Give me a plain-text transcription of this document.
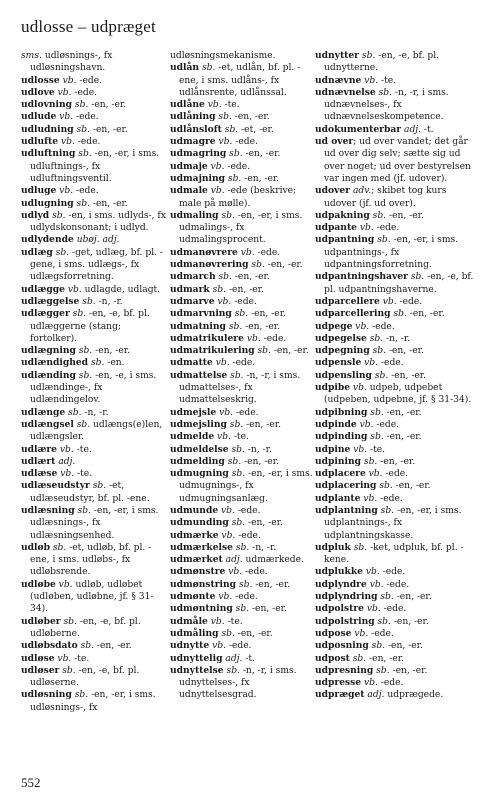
udlosse – udpræget

sms. udløsnings-, fx udløsningshavn.

udlosse vb. -ede.

udlove vb. -ede.

udlovning sb. -en, -er.

udlude vb. -ede.

udludning sb. -en, -er.

udlufte vb. -ede.

udluftning sb. -en, -er, i sms. udluftnings-, fx udluftningsventil.

udluge vb. -ede.

udlugning sb. -en, -er.

udlyd sb. -en, i sms. udlyds-, fx udlydskonsonant; i udlyd.

udlydende ubøj. adj.

udlæg sb. -get, udlæg, bf. pl. -gene, i sms. udlægs-, fx udlægsforretning.

udlægge vb. udlagde, udlagt.

udlæggelse sb. -n, -r.

udlægger sb. -en, -e, bf. pl. udlæggerne (stang; fortolker).

udlægning sb. -en, -er.

udlændighed sb. -en.

udlænding sb. -en, -e, i sms. udlændinge-, fx udlændingelov.

udlænge sb. -n, -r.

udlængsel sb. udlængs(e)len, udlængsler.

udlære vb. -te.

udlært adj.

udlæse vb. -te.

udlæseudstyr sb. -et, udlæseudstyr, bf. pl. -ene.

udlæsning sb. -en, -er, i sms. udlæsnings-, fx udlæsningsenhed.

udløb sb. -et, udløb, bf. pl. -ene, i sms. udløbs-, fx udløbsrende.

udløbe vb. udløb, udløbet (udløben, udløbne, jf. § 31-34).

udløber sb. -en, -e, bf. pl. udløberne.

udløbsdato sb. -en, -er.

udløse vb. -te.

udløser sb. -en, -e, bf. pl. udløserne.

udløsning sb. -en, -er, i sms. udløsnings-, fx

udløsningsmekanisme.

udlån sb. -et, udlån, bf. pl. -ene, i sms. udlåns-, fx udlånsrente, udlånssal.

udlåne vb. -te.

udlåning sb. -en, -er.

udlånsloft sb. -et, -er.

udmagre vb. -ede.

udmagring sb. -en, -er.

udmaje vb. -ede.

udmajning sb. -en, -er.

udmale vb. -ede (beskrive; male på mølle).

udmaling sb. -en, -er, i sms. udmalings-, fx udmalingsprocent.

udmanøvrere vb. -ede.

udmanøvrering sb. -en, -er.

udmarch sb. -en, -er.

udmark sb. -en, -er.

udmarve vb. -ede.

udmarvning sb. -en, -er.

udmatning sb. -en, -er.

udmatrikulere vb. -ede.

udmatrikulering sb. -en, -er.

udmatte vb. -ede.

udmattelse sb. -n, -r, i sms. udmattelses-, fx udmattelseskrig.

udmejsle vb. -ede.

udmejsling sb. -en, -er.

udmelde vb. -te.

udmeldelse sb. -n, -r.

udmelding sb. -en, -er.

udmugning sb. -en, -er, i sms. udmugnings-, fx udmugningsanlæg.

udmunde vb. -ede.

udmunding sb. -en, -er.

udmærke vb. -ede.

udmærkelse sb. -n, -r.

udmærket adj. udmærkede.

udmønstre vb. -ede.

udmønstring sb. -en, -er.

udmønte vb. -ede.

udmøntning sb. -en, -er.

udmåle vb. -te.

udmåling sb. -en, -er.

udnytte vb. -ede.

udnyttelig adj. -t.

udnyttelse sb. -n, -r, i sms. udnyttelses-, fx udnyttelsesgrad.

udnytter sb. -en, -e, bf. pl. udnytterne.

udnævne vb. -te.

udnævnelse sb. -n, -r, i sms. udnævnelses-, fx udnævnelseskompetence.

udokumenterbar adj. -t.

ud over; ud over vandet; det går ud over dig selv; sætte sig ud over noget; ud over bestyrelsen var ingen med (jf. udover).

udover adv.; skibet tog kurs udover (jf. ud over).

udpakning sb. -en, -er.

udpante vb. -ede.

udpantning sb. -en, -er, i sms. udpantnings-, fx udpantningsforretning.

udpantningshaver sb. -en, -e, bf. pl. udpantningshaverne.

udparcellere vb. -ede.

udparcellering sb. -en, -er.

udpege vb. -ede.

udpegelse sb. -n, -r.

udpegning sb. -en, -er.

udpensle vb. -ede.

udpensling sb. -en, -er.

udpibe vb. udpeb, udpebet (udpeben, udpebne, jf. § 31-34).

udpibning sb. -en, -er.

udpinde vb. -ede.

udpinding sb. -en, -er.

udpine vb. -te.

udpining sb. -en, -er.

udplacere vb. -ede.

udplacering sb. -en, -er.

udplante vb. -ede.

udplantning sb. -en, -er, i sms. udplantnings-, fx udplantningskasse.

udpluk sb. -ket, udpluk, bf. pl. -kene.

udplukke vb. -ede.

udplyndre vb. -ede.

udplyndring sb. -en, -er.

udpolstre vb. -ede.

udpolstring sb. -en, -er.

udpose vb. -ede.

udposning sb. -en, -er.

udpost sb. -en, -er.

udpresning sb. -en, -er.

udpresse vb. -ede.

udpræget adj. udprægede.

552
